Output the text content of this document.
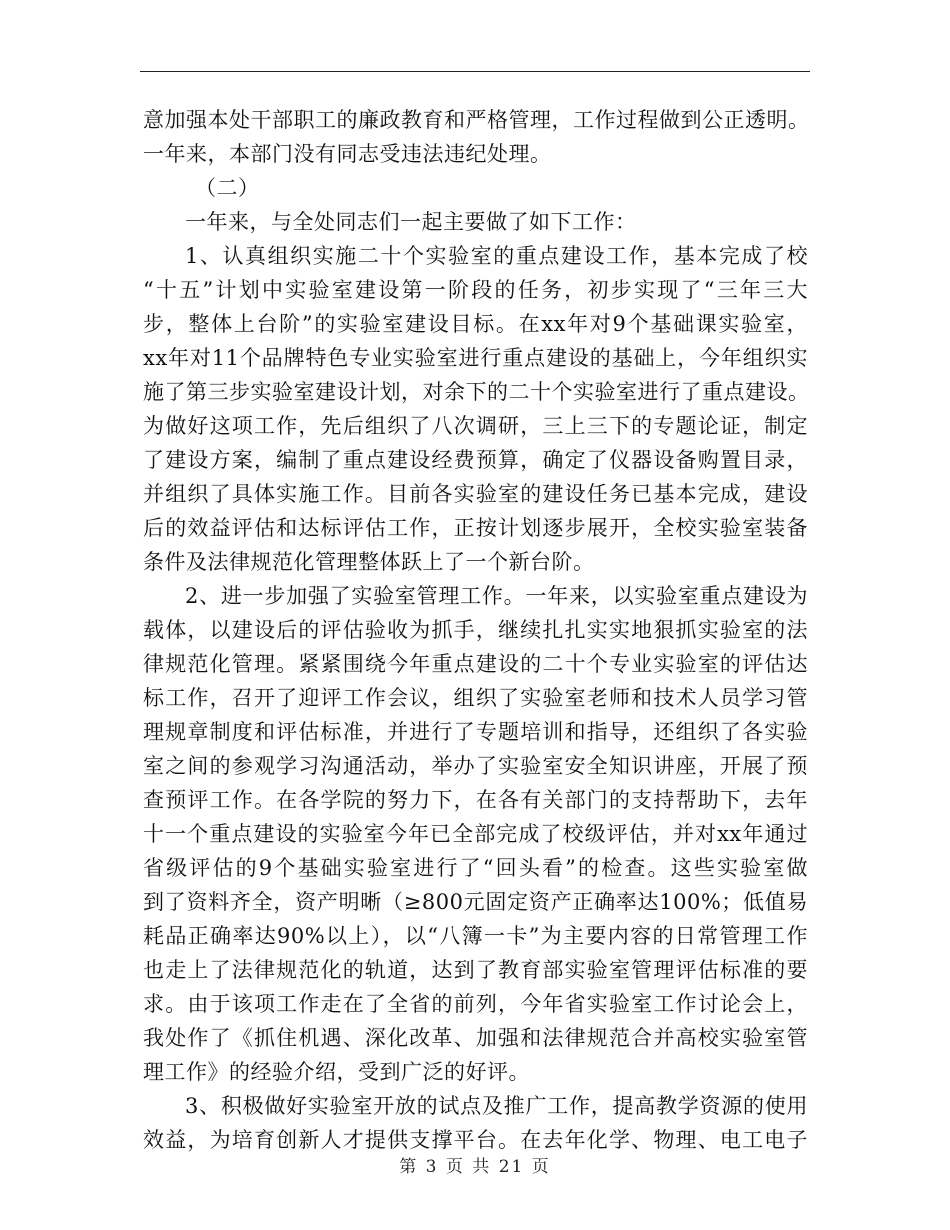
意加强本处干部职工的廉政教育和严格管理，工作过程做到公正透明。
一年来，本部门没有同志受违法违纪处理。
（二）
一年来，与全处同志们一起主要做了如下工作：
1、认真组织实施二十个实验室的重点建设工作，基本完成了校
“十五”计划中实验室建设第一阶段的任务，初步实现了“三年三大
步，整体上台阶”的实验室建设目标。在xx年对9个基础课实验室，
xx年对11个品牌特色专业实验室进行重点建设的基础上，今年组织实
施了第三步实验室建设计划，对余下的二十个实验室进行了重点建设。
为做好这项工作，先后组织了八次调研，三上三下的专题论证，制定
了建设方案，编制了重点建设经费预算，确定了仪器设备购置目录，
并组织了具体实施工作。目前各实验室的建设任务已基本完成，建设
后的效益评估和达标评估工作，正按计划逐步展开，全校实验室装备
条件及法律规范化管理整体跃上了一个新台阶。
2、进一步加强了实验室管理工作。一年来，以实验室重点建设为
载体，以建设后的评估验收为抓手，继续扎扎实实地狠抓实验室的法
律规范化管理。紧紧围绕今年重点建设的二十个专业实验室的评估达
标工作，召开了迎评工作会议，组织了实验室老师和技术人员学习管
理规章制度和评估标准，并进行了专题培训和指导，还组织了各实验
室之间的参观学习沟通活动，举办了实验室安全知识讲座，开展了预
查预评工作。在各学院的努力下，在各有关部门的支持帮助下，去年
十一个重点建设的实验室今年已全部完成了校级评估，并对xx年通过
省级评估的9个基础实验室进行了“回头看”的检查。这些实验室做
到了资料齐全，资产明晰（≥800元固定资产正确率达100%；低值易
耗品正确率达90%以上），以“八簿一卡”为主要内容的日常管理工作
也走上了法律规范化的轨道，达到了教育部实验室管理评估标准的要
求。由于该项工作走在了全省的前列，今年省实验室工作讨论会上，
我处作了《抓住机遇、深化改革、加强和法律规范合并高校实验室管
理工作》的经验介绍，受到广泛的好评。
3、积极做好实验室开放的试点及推广工作，提高教学资源的使用
效益，为培育创新人才提供支撑平台。在去年化学、物理、电工电子
第 3 页 共 21 页
